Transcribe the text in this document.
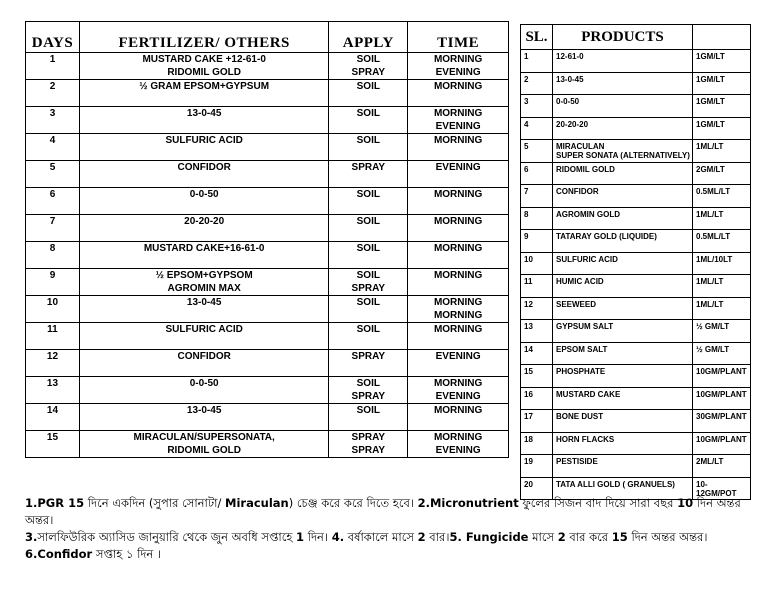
DAYS	FERTILIZER/ OTHERS	APPLY	TIME
1	MUSTARD CAKE +12-61-0	SOIL	MORNING
	RIDOMIL GOLD	SPRAY	EVENING
2	½ GRAM EPSOM+GYPSUM	SOIL	MORNING

3	13-0-45	SOIL	MORNING
			EVENING
4	SULFURIC ACID	SOIL	MORNING

5	CONFIDOR	SPRAY	EVENING

6	0-0-50	SOIL	MORNING

7	20-20-20	SOIL	MORNING

8	MUSTARD CAKE+16-61-0	SOIL	MORNING

9	½ EPSOM+GYPSOM	SOIL	MORNING
	AGROMIN MAX	SPRAY	
10	13-0-45	SOIL	MORNING
			MORNING
11	SULFURIC ACID	SOIL	MORNING

12	CONFIDOR	SPRAY	EVENING

13	0-0-50	SOIL	MORNING
		SPRAY	EVENING
14	13-0-45	SOIL	MORNING

15	MIRACULAN/SUPERSONATA,	SPRAY	MORNING
	RIDOMIL GOLD	SPRAY	EVENING
SL.	PRODUCTS	
1	12-61-0	1GM/LT
2	13-0-45	1GM/LT
3	0-0-50	1GM/LT
4	20-20-20	1GM/LT
5	MIRACULAN
SUPER SONATA (ALTERNATIVELY)	1ML/LT
6	RIDOMIL GOLD	2GM/LT
7	CONFIDOR	0.5ML/LT
8	AGROMIN GOLD	1ML/LT
9	TATARAY GOLD (LIQUIDE)	0.5ML/LT
10	SULFURIC ACID	1ML/10LT
11	HUMIC ACID	1ML/LT
12	SEEWEED	1ML/LT
13	GYPSUM SALT	½ GM/LT
14	EPSOM SALT	½ GM/LT
15	PHOSPHATE	10GM/PLANT
16	MUSTARD CAKE	10GM/PLANT
17	BONE DUST	30GM/PLANT
18	HORN FLACKS	10GM/PLANT
19	PESTISIDE	2ML/LT
20	TATA ALLI GOLD ( GRANUELS)	10-
12GM/POT

1.PGR 15 দিনে একদিন (সুপার সোনাটা/ Miraculan) চেঞ্জ করে করে দিতে হবে। 2.Micronutrient ফুলের সিজন বাদ দিয়ে সারা বছর 10 দিন অন্তর অন্তর।

3.সালফিউরিক অ্যাসিড জানুয়ারি থেকে জুন অবধি সপ্তাহে 1 দিন। 4. বর্ষাকালে মাসে 2 বার।5. Fungicide মাসে 2 বার করে 15 দিন অন্তর অন্তর।

6.Confidor সপ্তাহ ১ দিন ।
